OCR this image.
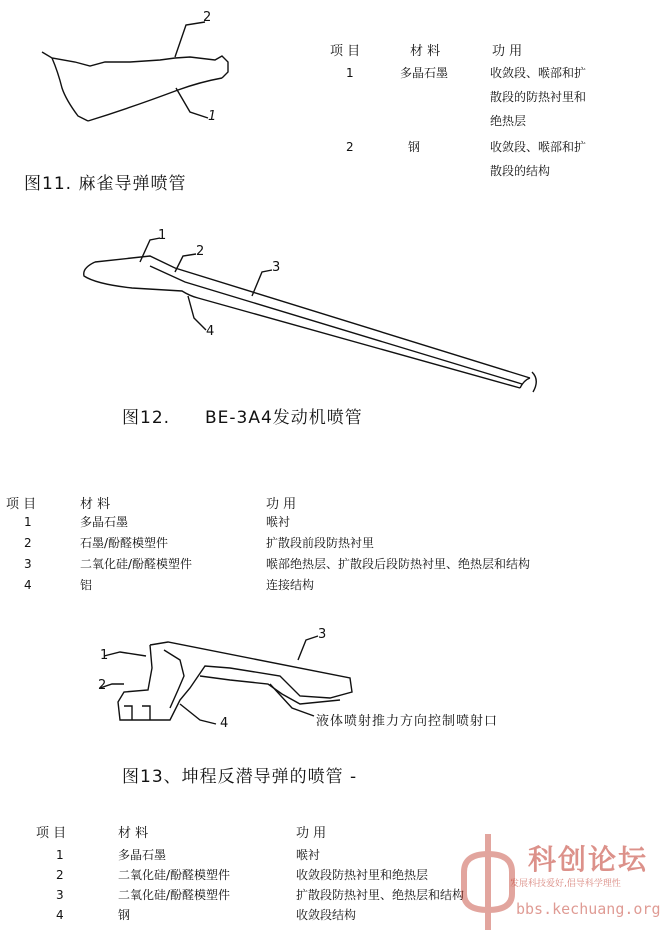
2
1
图11. 麻雀导弹喷管
项 目	材 料	功 用
1	多晶石墨	收敛段、喉部和扩
散段的防热衬里和
绝热层
2	钢	收敛段、喉部和扩
散段的结构
1
2
3
4
图12. BE-3A4发动机喷管
项 目	材 料	功 用
1	多晶石墨	喉衬
2	石墨/酚醛模塑件	扩散段前段防热衬里
3	二氧化硅/酚醛模塑件	喉部绝热层、扩散段后段防热衬里、绝热层和结构
4	铝	连接结构
1
2
3
4	液体喷射推力方向控制喷射口
图13、坤程反潜导弹的喷管 -
项 目	材 料	功 用
1	多晶石墨	喉衬
2	二氧化硅/酚醛模塑件	收敛段防热衬里和绝热层
3	二氧化硅/酚醛模塑件	扩散段防热衬里、绝热层和结构
4	钢	收敛段结构
科创论坛
发展科技爱好,倡导科学理性
bbs.kechuang.org
